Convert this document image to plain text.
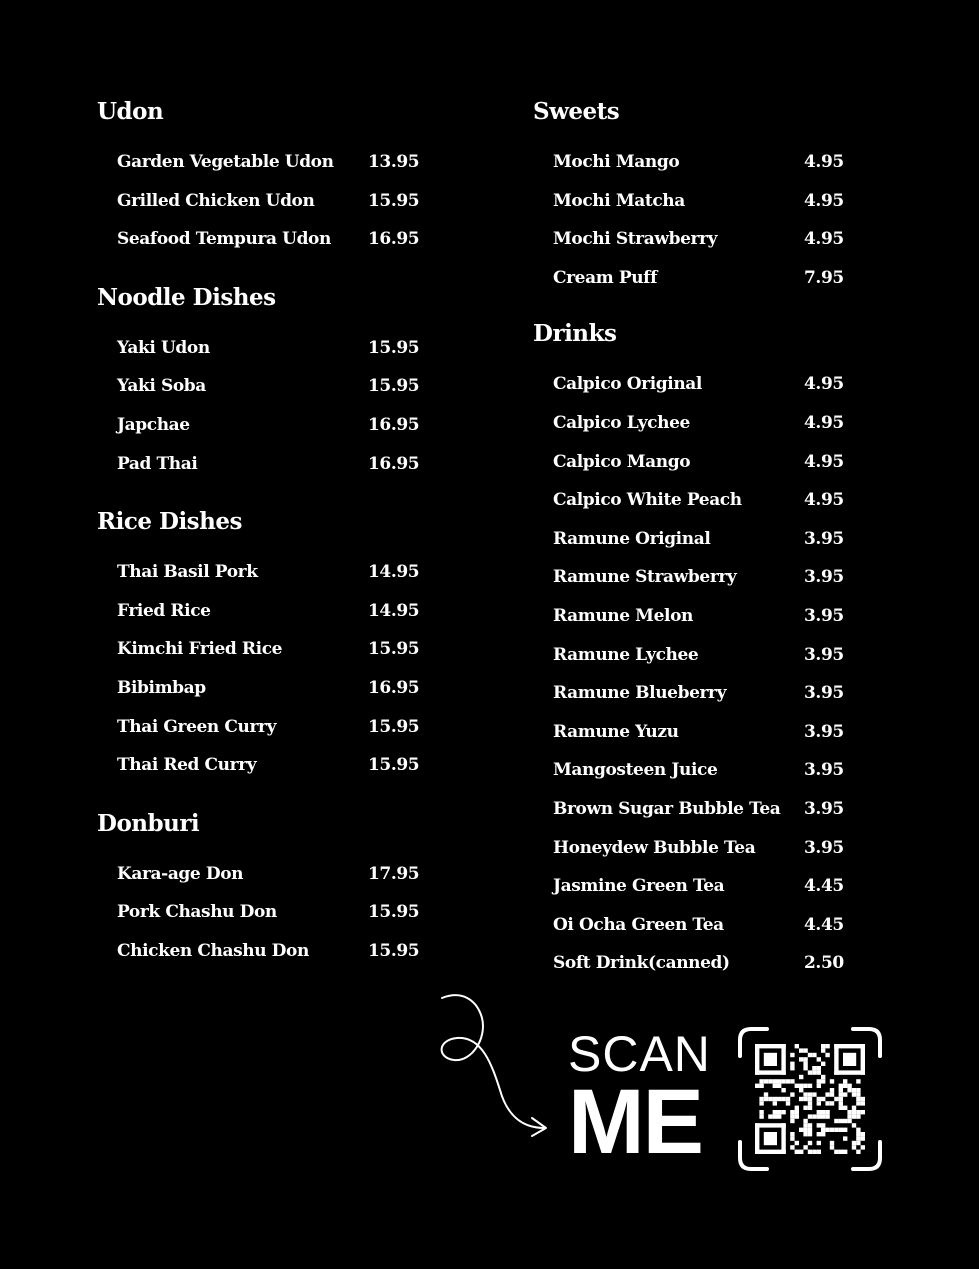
Udon
Garden Vegetable Udon 13.95
Grilled Chicken Udon	15.95
Seafood Tempura Udon 16.95
Noodle Dishes
Yaki Udon	15.95
Yaki Soba	15.95
Japchae	16.95
Pad Thai	16.95
Rice Dishes
Thai Basil Pork	14.95
Fried Rice	14.95
Kimchi Fried Rice	15.95
Bibimbap	16.95
Thai Green Curry	15.95
Thai Red Curry	15.95
Donburi
Kara-age Don	17.95
Pork Chashu Don	15.95
Chicken Chashu Don	15.95
Sweets
Mochi Mango	4.95
Mochi Matcha	4.95
Mochi Strawberry	4.95
Cream Puff	7.95
Drinks
Calpico Original	4.95
Calpico Lychee	4.95
Calpico Mango	4.95
Calpico White Peach	4.95
Ramune Original	3.95
Ramune Strawberry	3.95
Ramune Melon	3.95
Ramune Lychee	3.95
Ramune Blueberry	3.95
Ramune Yuzu	3.95
Mangosteen Juice	3.95
Brown Sugar Bubble Tea 3.95
Honeydew Bubble Tea	3.95
Jasmine Green Tea	4.45
Oi Ocha Green Tea	4.45
Soft Drink(canned)	2.50
SCAN
ME
